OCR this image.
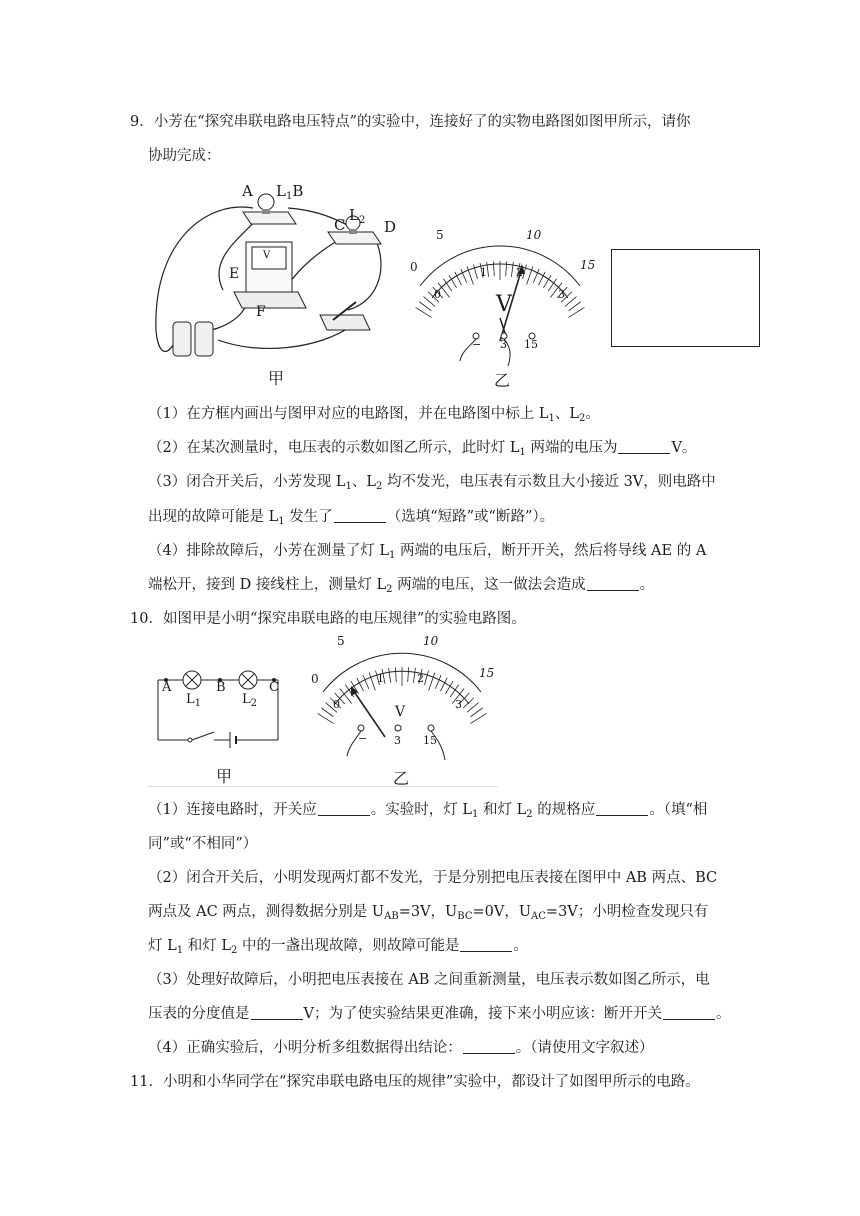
9．小芳在“探究串联电路电压特点”的实验中，连接好了的实物电路图如图甲所示，请你
协助完成：
A $L_1B$
C
$L_2$ D
E
F
V
甲
5	10
15
0
0
1	2
3
V
− 3 15
乙
（1）在方框内画出与图甲对应的电路图，并在电路图中标上 $L_1$、$L_2$。
（2）在某次测量时，电压表的示数如图乙所示，此时灯 $L_1$ 两端的电压为	V。
（3）闭合开关后，小芳发现 $L_1$、$L_2$ 均不发光，电压表有示数且大小接近 3V，则电路中
出现的故障可能是 $L_1$ 发生了	（选填“短路”或“断路”）。
（4）排除故障后，小芳在测量了灯 $L_1$ 两端的电压后，断开开关，然后将导线 AE 的 A
端松开，接到 D 接线柱上，测量灯 $L_2$ 两端的电压，这一做法会造成	。
10．如图甲是小明“探究串联电路的电压规律”的实验电路图。
A	B	C
$L_1$	$L_2$
甲
5	10
15
0
0
1	2
3
V
− 3 15
乙
（1）连接电路时，开关应	。实验时，灯 $L_1$ 和灯 $L_2$ 的规格应	。（填“相
同”或“不相同”）
（2）闭合开关后，小明发现两灯都不发光，于是分别把电压表接在图甲中 AB 两点、BC
两点及 AC 两点，测得数据分别是 $U_{AB}=3V$，$U_{BC}=0V$，$U_{AC}=3V$；小明检查发现只有
灯 $L_1$ 和灯 $L_2$ 中的一盏出现故障，则故障可能是	。
（3）处理好故障后，小明把电压表接在 AB 之间重新测量，电压表示数如图乙所示，电
压表的分度值是	V；为了使实验结果更准确，接下来小明应该：断开开关	。
（4）正确实验后，小明分析多组数据得出结论：	。（请使用文字叙述）
11．小明和小华同学在“探究串联电路电压的规律”实验中，都设计了如图甲所示的电路。
